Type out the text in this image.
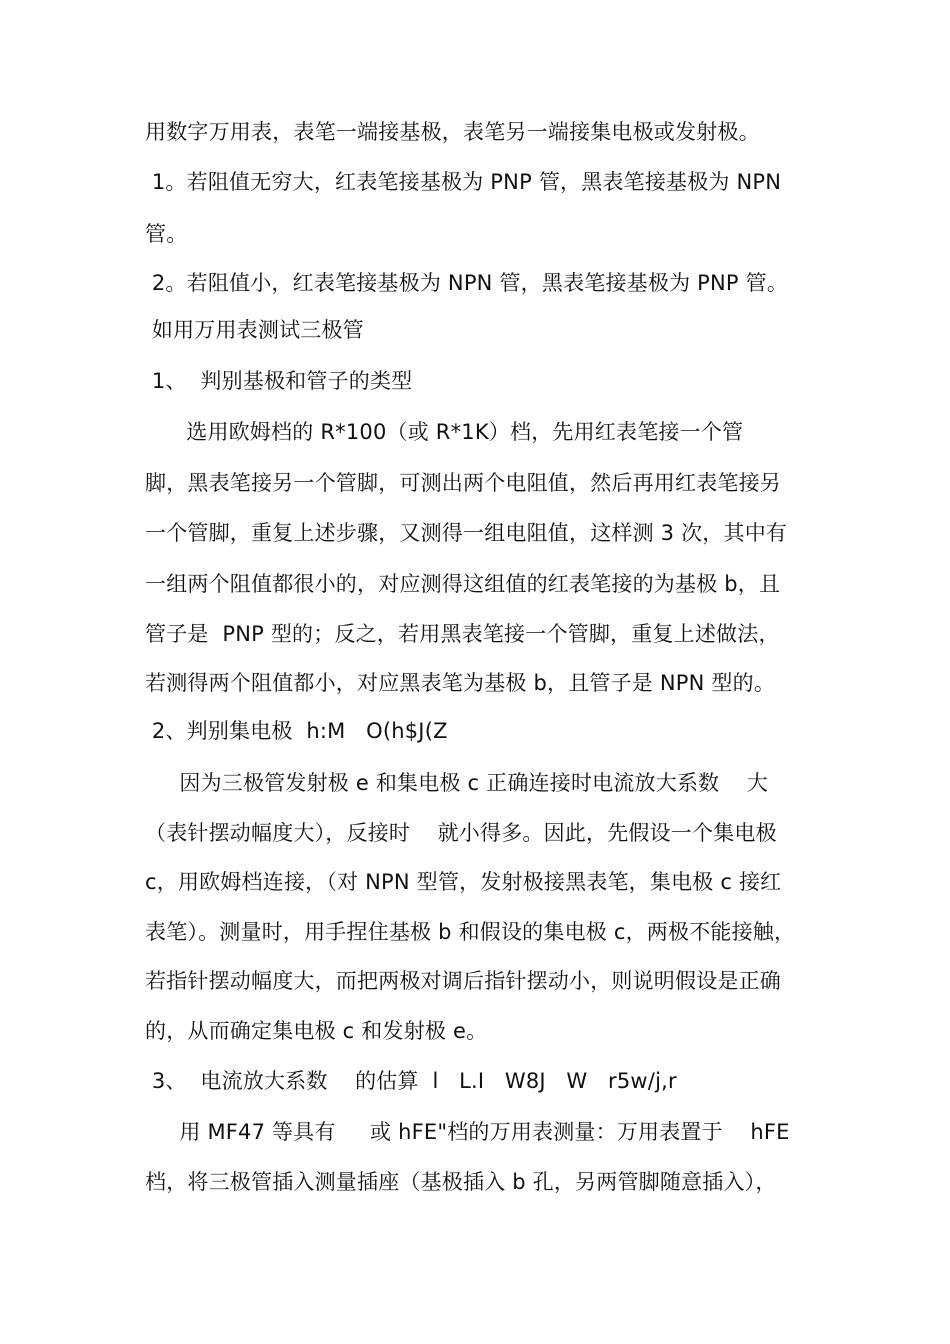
用数字万用表，表笔一端接基极，表笔另一端接集电极或发射极。
1。若阻值无穷大，红表笔接基极为 PNP 管，黑表笔接基极为 NPN
管。
2。若阻值小，红表笔接基极为 NPN 管，黑表笔接基极为 PNP 管。
如用万用表测试三极管
1、  判别基极和管子的类型
选用欧姆档的 R*100（或 R*1K）档，先用红表笔接一个管
脚，黑表笔接另一个管脚，可测出两个电阻值，然后再用红表笔接另
一个管脚，重复上述步骤，又测得一组电阻值，这样测 3 次，其中有
一组两个阻值都很小的，对应测得这组值的红表笔接的为基极 b，且
管子是  PNP 型的；反之，若用黑表笔接一个管脚，重复上述做法，
若测得两个阻值都小，对应黑表笔为基极 b，且管子是 NPN 型的。
2、判别集电极  h:M   O(h$J(Z
因为三极管发射极 e 和集电极 c 正确连接时电流放大系数    大
（表针摆动幅度大），反接时    就小得多。因此，先假设一个集电极
c，用欧姆档连接，（对 NPN 型管，发射极接黑表笔，集电极 c 接红
表笔）。测量时，用手捏住基极 b 和假设的集电极 c，两极不能接触，
若指针摆动幅度大，而把两极对调后指针摆动小，则说明假设是正确
的，从而确定集电极 c 和发射极 e。
3、  电流放大系数    的估算  l   L.I   W8J   W   r5w/j,r
用 MF47 等具有     或 hFE"档的万用表测量：万用表置于    hFE
档，将三极管插入测量插座（基极插入 b 孔，另两管脚随意插入），
